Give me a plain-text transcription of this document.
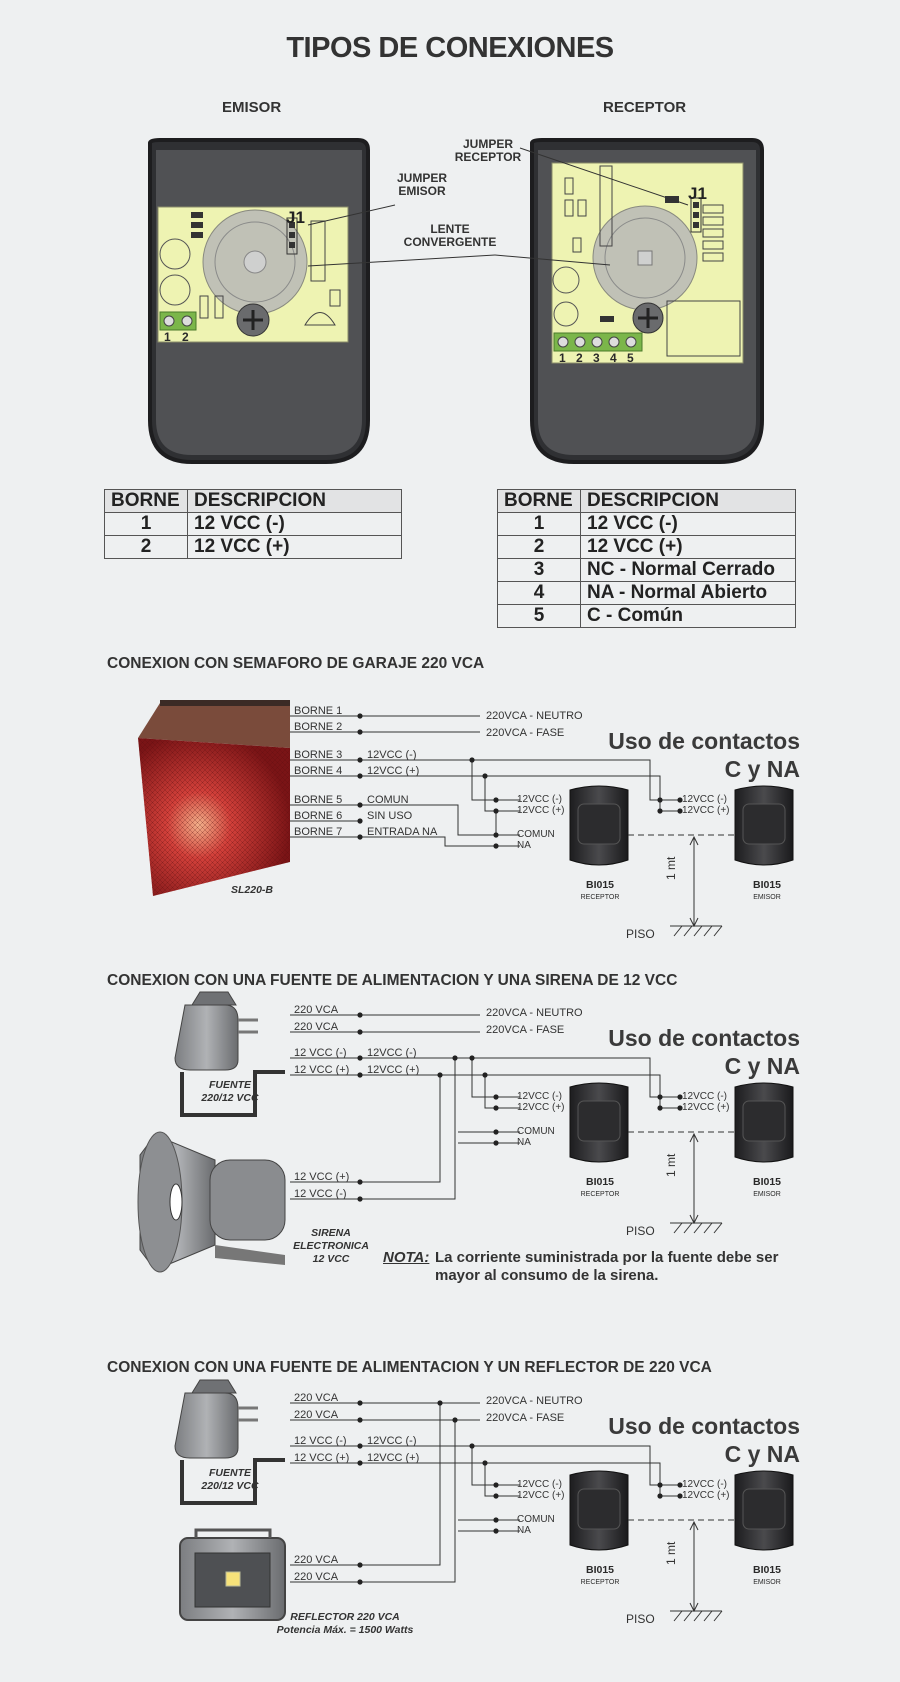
TIPOS DE CONEXIONES
EMISOR	RECEPTOR
JUMPER EMISOR
JUMPER RECEPTOR
LENTE CONVERGENTE
J1
J1
1 2
1 2 3 4 5
BORNE	DESCRIPCION
1	12 VCC (-)
2	12 VCC (+)
BORNE	DESCRIPCION
1	12 VCC (-)
2	12 VCC (+)
3	NC - Normal Cerrado
4	NA - Normal Abierto
5	C - Común
CONEXION CON SEMAFORO DE GARAJE 220 VCA
CONEXION CON UNA FUENTE DE ALIMENTACION Y UNA SIRENA DE 12 VCC
CONEXION CON UNA FUENTE DE ALIMENTACION Y UN REFLECTOR DE 220 VCA
BORNE 1
BORNE 2
BORNE 3
BORNE 4
BORNE 5
BORNE 6
BORNE 7
220VCA - NEUTRO
220VCA - FASE
12VCC (-)
12VCC (+)
COMUN
SIN USO
ENTRADA NA
SL220-B
220 VCA
220 VCA
12 VCC (-)
12 VCC (+)
220VCA - NEUTRO
220VCA - FASE
12VCC (-)
12VCC (+)
FUENTE 220/12 VCC
12 VCC (+)
12 VCC (-)
SIRENA ELECTRONICA 12 VCC	NOTA: La corriente suministrada por la fuente debe ser mayor al consumo de la sirena.
220 VCA
220 VCA
12 VCC (-)
12 VCC (+)
220VCA - NEUTRO
220VCA - FASE
12VCC (-)
12VCC (+)
FUENTE 220/12 VCC
220 VCA
220 VCA
REFLECTOR 220 VCA Potencia Máx. = 1500 Watts
Uso de contactos
C y NA
12VCC (-)
12VCC (+)
COMUN
NA
12VCC (-)
12VCC (+)
BI015
RECEPTOR
BI015
EMISOR
1 mt
PISO
Uso de contactos
C y NA
12VCC (-)
12VCC (+)
COMUN
NA
12VCC (-)
12VCC (+)
BI015
RECEPTOR
BI015
EMISOR
1 mt
PISO
Uso de contactos
C y NA
12VCC (-)
12VCC (+)
COMUN
NA
12VCC (-)
12VCC (+)
BI015
RECEPTOR
BI015
EMISOR
1 mt
PISO
